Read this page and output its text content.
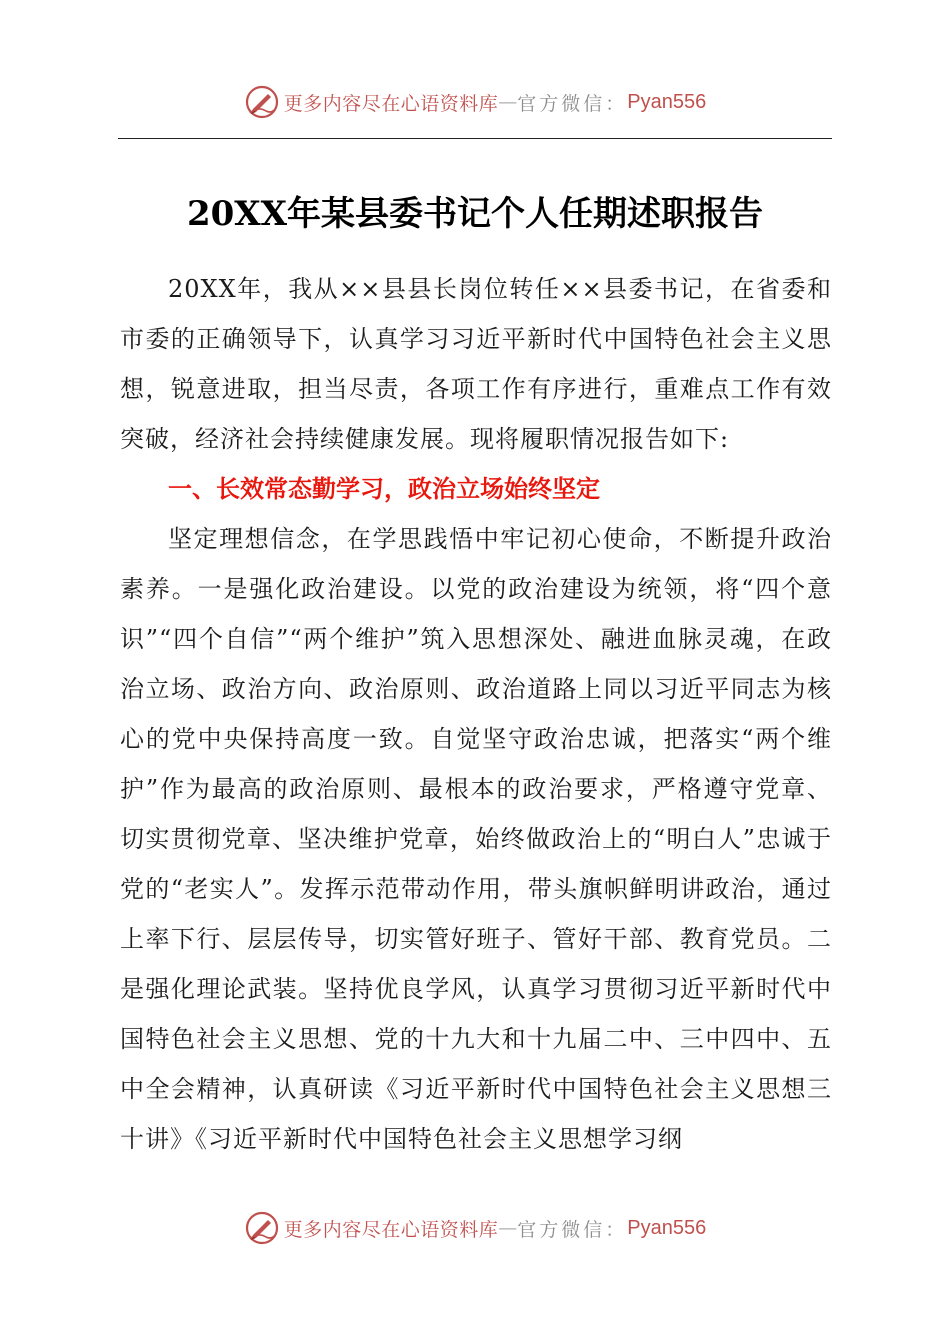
更多内容尽在心语资料库 — 官方微信： Pyan556
20XX年某县委书记个人任期述职报告

20XX年，我从××县县长岗位转任××县委书记，在省委和市委的正确领导下，认真学习习近平新时代中国特色社会主义思想，锐意进取，担当尽责，各项工作有序进行，重难点工作有效突破，经济社会持续健康发展。现将履职情况报告如下:

一、长效常态勤学习，政治立场始终坚定

坚定理想信念，在学思践悟中牢记初心使命，不断提升政治素养。一是强化政治建设。以党的政治建设为统领，将“四个意识”“四个自信”“两个维护”筑入思想深处、融进血脉灵魂，在政治立场、政治方向、政治原则、政治道路上同以习近平同志为核心的党中央保持高度一致。自觉坚守政治忠诚，把落实“两个维护”作为最高的政治原则、最根本的政治要求，严格遵守党章、切实贯彻党章、坚决维护党章，始终做政治上的“明白人”忠诚于党的“老实人”。发挥示范带动作用，带头旗帜鲜明讲政治，通过上率下行、层层传导，切实管好班子、管好干部、教育党员。二是强化理论武装。坚持优良学风，认真学习贯彻习近平新时代中国特色社会主义思想、党的十九大和十九届二中、三中四中、五中全会精神，认真研读《习近平新时代中国特色社会主义思想三十讲》《习近平新时代中国特色社会主义思想学习纲

更多内容尽在心语资料库 — 官方微信： Pyan556
